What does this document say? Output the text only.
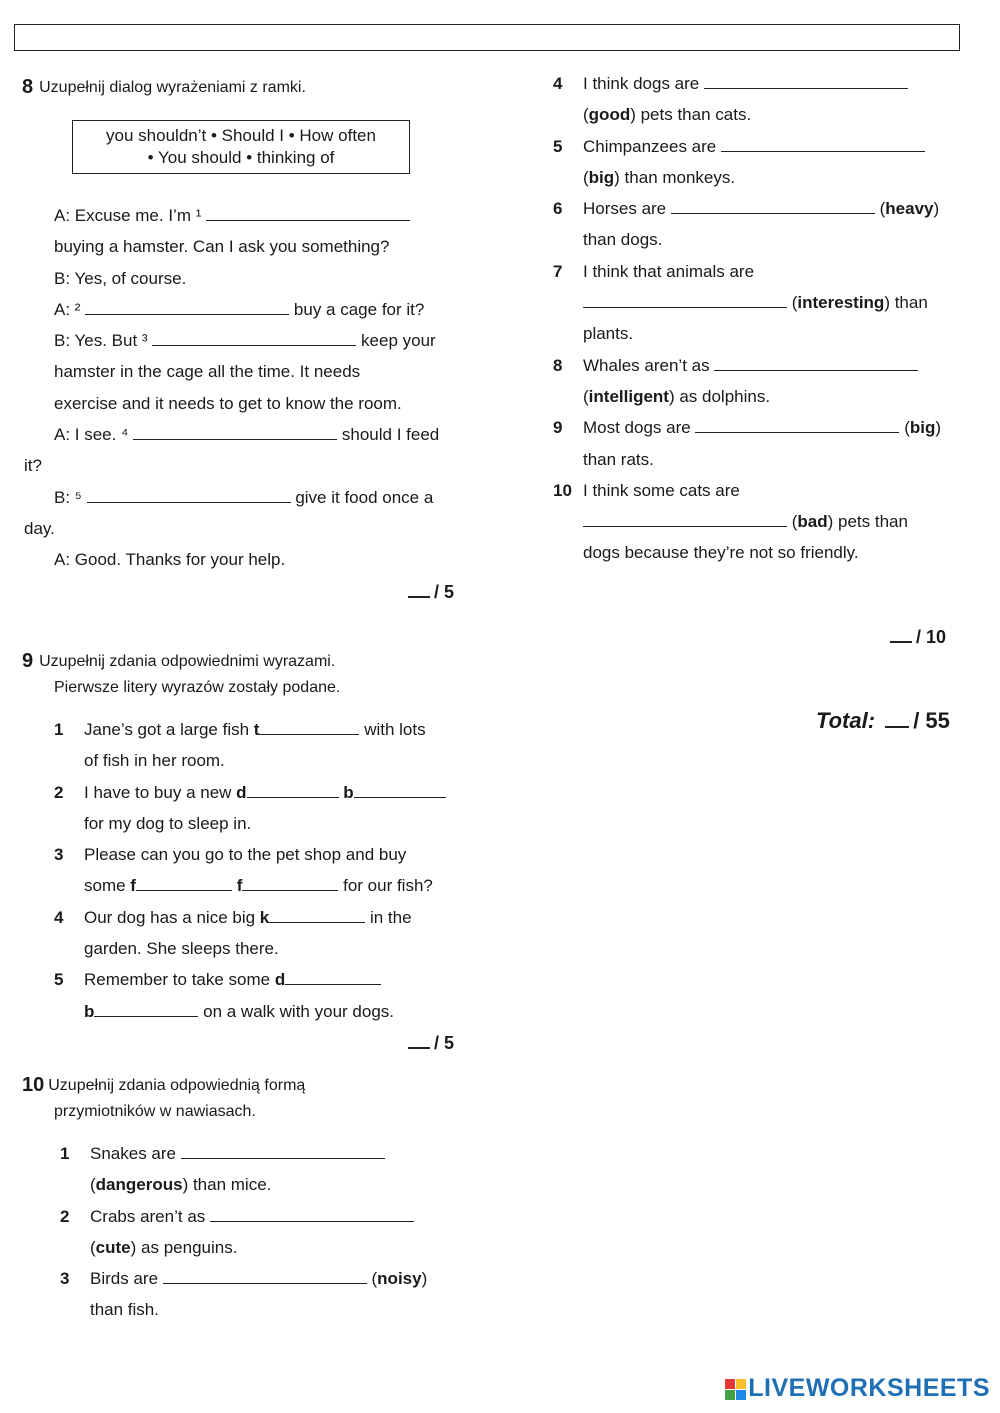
8 Uzupełnij dialog wyrażeniami z ramki.
you shouldn’t • Should I • How often
• You should • thinking of
A: Excuse me. I’m ¹
buying a hamster. Can I ask you something?
B: Yes, of course.
A: ²	buy a cage for it?
B: Yes. But ³	keep your
hamster in the cage all the time. It needs
exercise and it needs to get to know the room.
A: I see. ⁴	should I feed
it?
B: ⁵	give it food once a
day.
A: Good. Thanks for your help.
/ 5
9 Uzupełnij zdania odpowiednimi wyrazami.
Pierwsze litery wyrazów zostały podane.
1 Jane’s got a large fish t	with lots
of fish in her room.
2 I have to buy a new d	b
for my dog to sleep in.
3 Please can you go to the pet shop and buy
some f	f	for our fish?
4 Our dog has a nice big k	in the
garden. She sleeps there.
5 Remember to take some d
b	on a walk with your dogs.
/ 5
10 Uzupełnij zdania odpowiednią formą
przymiotników w nawiasach.
1 Snakes are
(dangerous) than mice.
2 Crabs aren’t as
(cute) as penguins.
3 Birds are	(noisy)
than fish.
4 I think dogs are
(good) pets than cats.
5 Chimpanzees are
(big) than monkeys.
6 Horses are	(heavy)
than dogs.
7 I think that animals are
(interesting) than
plants.
8 Whales aren’t as
(intelligent) as dolphins.
9 Most dogs are	(big)
than rats.
10 I think some cats are
(bad) pets than
dogs because they’re not so friendly.
/ 10
Total: / 55
LIVEWORKSHEETS
